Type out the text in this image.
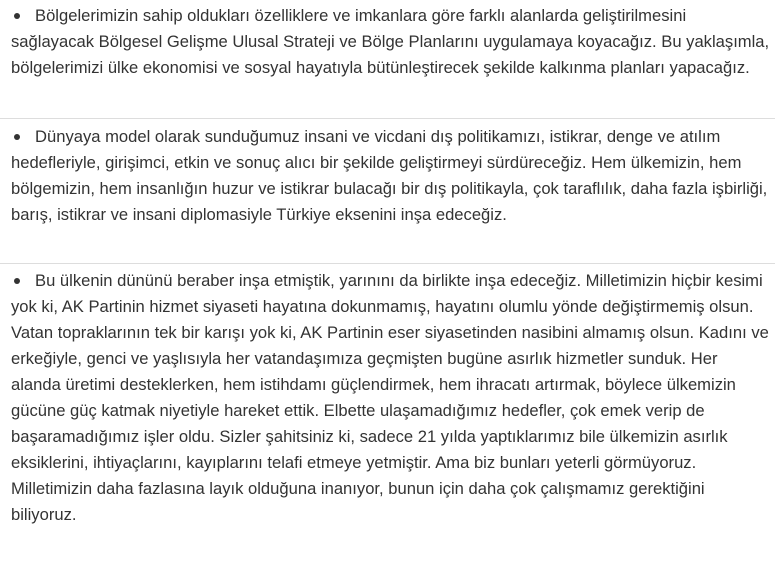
Bölgelerimizin sahip oldukları özelliklere ve imkanlara göre farklı alanlarda geliştirilmesini sağlayacak Bölgesel Gelişme Ulusal Strateji ve Bölge Planlarını uygulamaya koyacağız. Bu yaklaşımla, bölgelerimizi ülke ekonomisi ve sosyal hayatıyla bütünleştirecek şekilde kalkınma planları yapacağız.

Dünyaya model olarak sunduğumuz insani ve vicdani dış politikamızı, istikrar, denge ve atılım hedefleriyle, girişimci, etkin ve sonuç alıcı bir şekilde geliştirmeyi sürdüreceğiz. Hem ülkemizin, hem bölgemizin, hem insanlığın huzur ve istikrar bulacağı bir dış politikayla, çok taraflılık, daha fazla işbirliği, barış, istikrar ve insani diplomasiyle Türkiye eksenini inşa edeceğiz.

Bu ülkenin dününü beraber inşa etmiştik, yarınını da birlikte inşa edeceğiz. Milletimizin hiçbir kesimi yok ki, AK Partinin hizmet siyaseti hayatına dokunmamış, hayatını olumlu yönde değiştirmemiş olsun. Vatan topraklarının tek bir karışı yok ki, AK Partinin eser siyasetinden nasibini almamış olsun. Kadını ve erkeğiyle, genci ve yaşlısıyla her vatandaşımıza geçmişten bugüne asırlık hizmetler sunduk. Her alanda üretimi desteklerken, hem istihdamı güçlendirmek, hem ihracatı artırmak, böylece ülkemizin gücüne güç katmak niyetiyle hareket ettik. Elbette ulaşamadığımız hedefler, çok emek verip de başaramadığımız işler oldu. Sizler şahitsiniz ki, sadece 21 yılda yaptıklarımız bile ülkemizin asırlık eksiklerini, ihtiyaçlarını, kayıplarını telafi etmeye yetmiştir. Ama biz bunları yeterli görmüyoruz. Milletimizin daha fazlasına layık olduğuna inanıyor, bunun için daha çok çalışmamız gerektiğini biliyoruz.
